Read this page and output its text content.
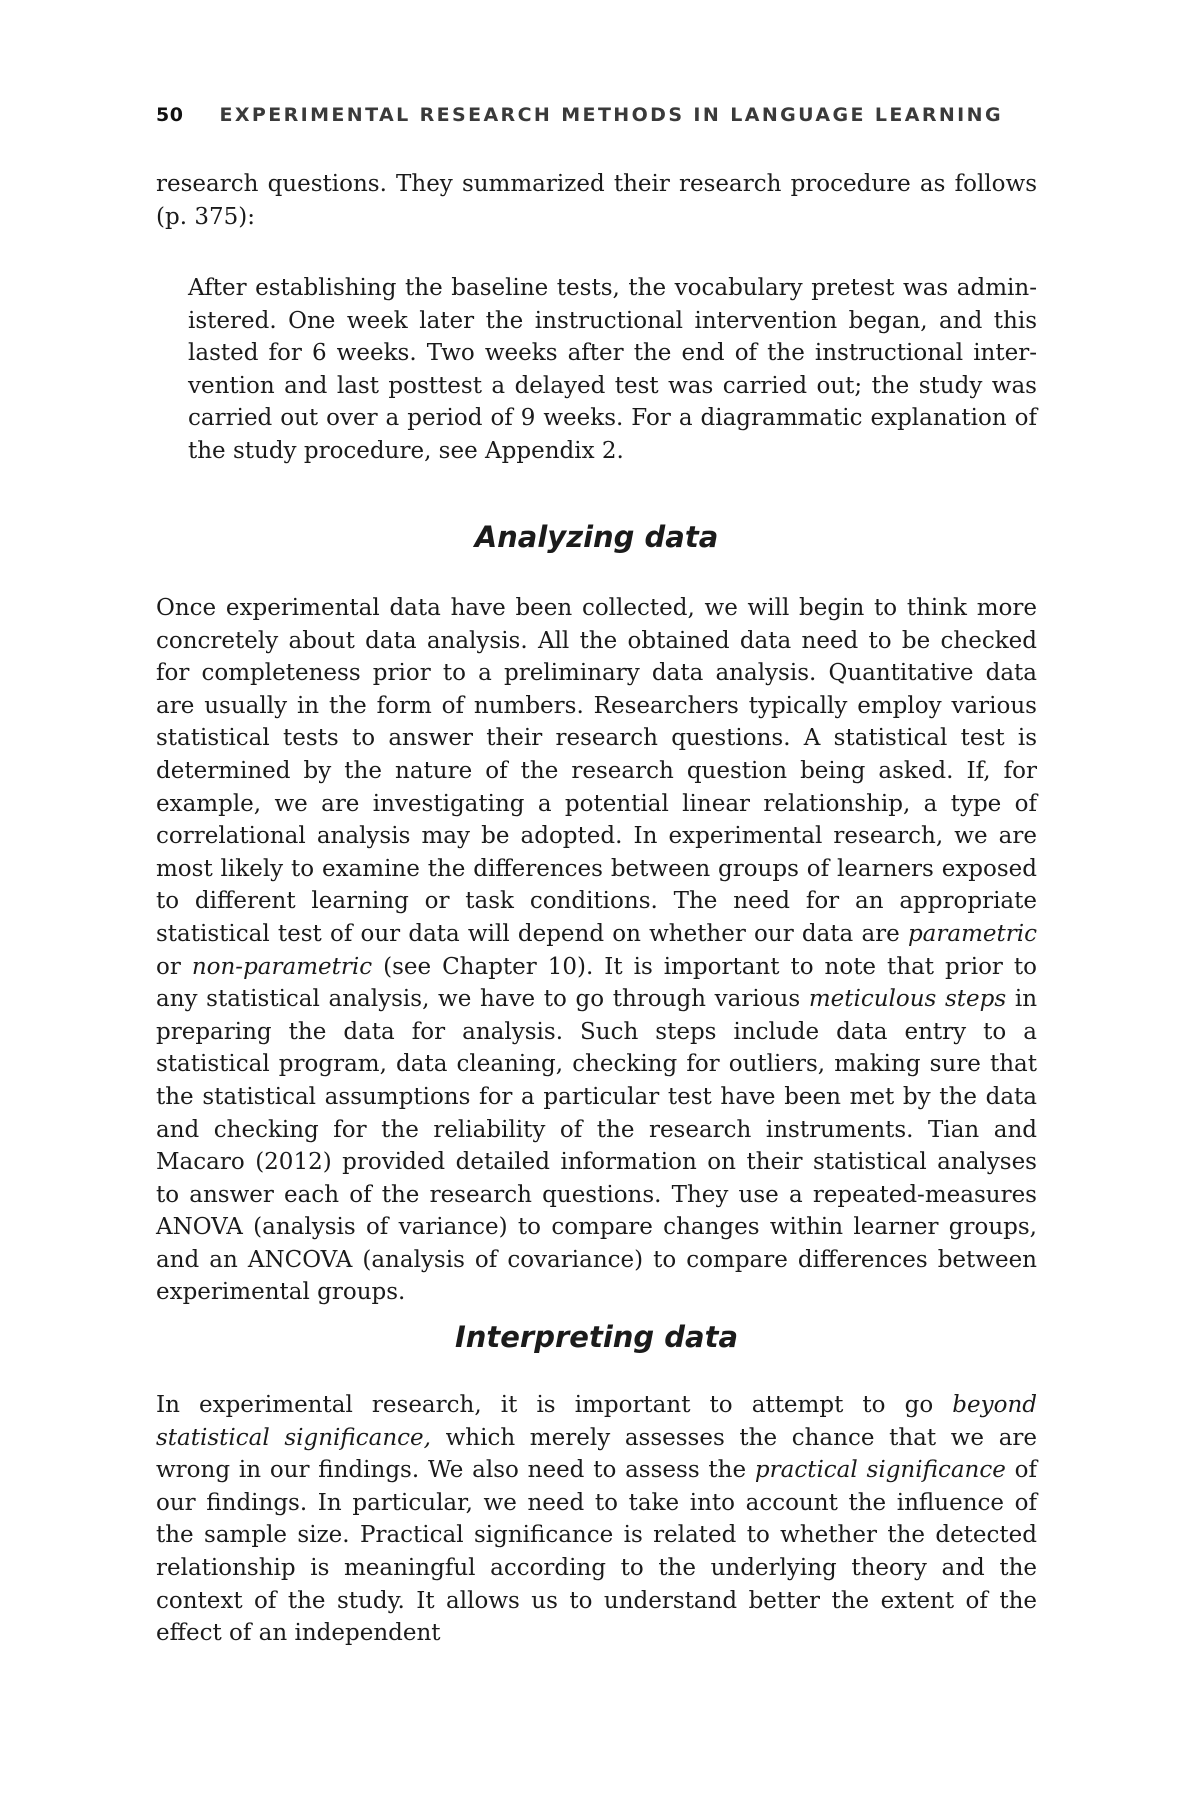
50 EXPERIMENTAL RESEARCH METHODS IN LANGUAGE LEARNING

research questions. They summarized their research procedure as follows (p. 375):

After establishing the baseline tests, the vocabulary pretest was administered. One week later the instructional intervention began, and this lasted for 6 weeks. Two weeks after the end of the instructional intervention and last posttest a delayed test was carried out; the study was carried out over a period of 9 weeks. For a diagrammatic explanation of the study procedure, see Appendix 2.

Analyzing data

Once experimental data have been collected, we will begin to think more concretely about data analysis. All the obtained data need to be checked for completeness prior to a preliminary data analysis. Quantitative data are usually in the form of numbers. Researchers typically employ various statistical tests to answer their research questions. A statistical test is determined by the nature of the research question being asked. If, for example, we are investigating a potential linear relationship, a type of correlational analysis may be adopted. In experimental research, we are most likely to examine the differences between groups of learners exposed to different learning or task conditions. The need for an appropriate statistical test of our data will depend on whether our data are parametric or non-parametric (see Chapter 10). It is important to note that prior to any statistical analysis, we have to go through various meticulous steps in preparing the data for analysis. Such steps include data entry to a statistical program, data cleaning, checking for outliers, making sure that the statistical assumptions for a particular test have been met by the data and checking for the reliability of the research instruments. Tian and Macaro (2012) provided detailed information on their statistical analyses to answer each of the research questions. They use a repeated-measures ANOVA (analysis of variance) to compare changes within learner groups, and an ANCOVA (analysis of covariance) to compare differences between experimental groups.

Interpreting data

In experimental research, it is important to attempt to go beyond statistical significance, which merely assesses the chance that we are wrong in our findings. We also need to assess the practical significance of our findings. In particular, we need to take into account the influence of the sample size. Practical significance is related to whether the detected relationship is meaningful according to the underlying theory and the context of the study. It allows us to understand better the extent of the effect of an independent
